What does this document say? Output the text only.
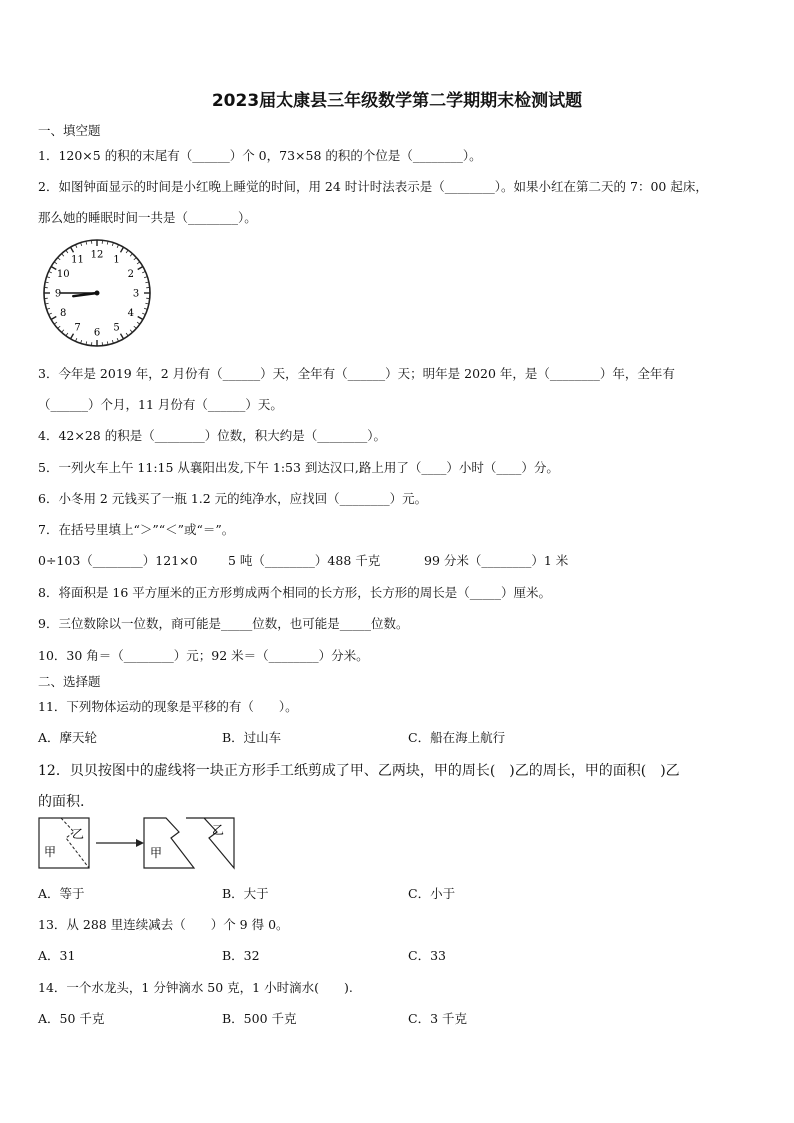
2023届太康县三年级数学第二学期期末检测试题
一、填空题
1．120×5 的积的末尾有（______）个 0，73×58 的积的个位是（________）。
2．如图钟面显示的时间是小红晚上睡觉的时间，用 24 时计时法表示是（________）。如果小红在第二天的 7：00 起床，
那么她的睡眠时间一共是（________）。
12 1
2
3
4
5
6
7
8
9
10
11
3．今年是 2019 年，2 月份有（______）天，全年有（______）天；明年是 2020 年，是（________）年，全年有
（______）个月，11 月份有（______）天。
4．42×28 的积是（________）位数，积大约是（________）。
5．一列火车上午 11:15 从襄阳出发,下午 1:53 到达汉口,路上用了（____）小时（____）分。
6．小冬用 2 元钱买了一瓶 1.2 元的纯净水，应找回（________）元。
7．在括号里填上“＞”“＜”或“＝”。
0÷103（________）121×0 5 吨（________）488 千克	99 分米（________）1 米
8．将面积是 16 平方厘米的正方形剪成两个相同的长方形，长方形的周长是（_____）厘米。
9．三位数除以一位数，商可能是_____位数，也可能是_____位数。
10．30 角＝（________）元；92 米＝（________）分米。
二、选择题
11．下列物体运动的现象是平移的有（　　）。
A．摩天轮	B．过山车	C．船在海上航行
12．贝贝按图中的虚线将一块正方形手工纸剪成了甲、乙两块，甲的周长(　)乙的周长，甲的面积(　)乙
的面积.
甲
乙
甲
乙
A．等于	B．大于	C．小于
13．从 288 里连续减去（　　）个 9 得 0。
A．31	B．32	C．33
14．一个水龙头，1 分钟滴水 50 克，1 小时滴水(　　).
A．50 千克	B．500 千克	C．3 千克
